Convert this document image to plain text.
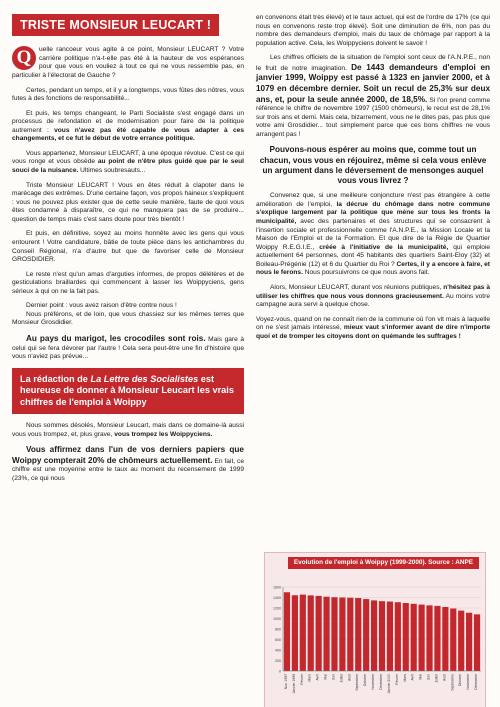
TRISTE MONSIEUR LEUCART !
Q	uelle rancoeur vous agite à ce point, Monsieur LEUCART ? Votre carrière politique n'a-t-elle pas été à la hauteur de vos espérances pour que vous en vouliez à tout ce qui ne vous ressemble pas, en particulier à l'électorat de Gauche ?

Certes, pendant un temps, et il y a longtemps, vous fûtes des nôtres, vous futes à des fonctions de responsabilité...

Et puis, les temps changeant, le Parti Socialiste s'est engagé dans un processus de refondation et de modernisation pour faire de la politique autrement : vous n'avez pas été capable de vous adapter à ces changements, et ce fut le début de votre errance politique.

Vous appartenez, Monsieur LEUCART, à une époque révolue. C'est ce qui vous ronge et vous obsède au point de n'être plus guidé que par le seul souci de la nuisance. Ultimes soubresauts...

Triste Monsieur LEUCART ! Vous en êtes réduit à clapoter dans le marécage des extrêmes. D'une certaine façon, vos propos haineux s'expliquent : vous ne pouvez plus exister que de cette seule manière, faute de quoi vous êtes condamné à disparaître, ce qui ne manquera pas de se produire... question de temps mais c'est sans doute pour très bientôt !

Et puis, en définitive, soyez au moins honnête avec les gens qui vous entourent ! Votre candidature, bâtie de toute pièce dans les antichambres du Conseil Régional, n'a d'autre but que de favoriser celle de Monsieur GROSDIDIER.

Le reste n'est qu'un amas d'arguties informes, de propos délétères et de gesticulations braillardes qui commencent à lasser les Woippyciens, gens sérieux à qui on ne la fait pas.

Dernier point : vous avez raison d'être contre nous !

Nous préférons, et de loin, que vous chassiez sur les mêmes terres que Monsieur Grosdidier.

Au pays du marigot, les crocodiles sont rois. Mais gare à celui qui se fera dévorer par l'autre ! Cela sera peut-être une fin d'histoire que vous n'aviez pas prévue...

La rédaction de La Lettre des Socialistes est heureuse de donner à Monsieur Leucart les vrais chiffres de l'emploi à Woippy

Nous sommes désolés, Monsieur Leucart, mais dans ce domaine-là aussi vous vous trompez, et, plus grave, vous trompez les Woippyciens.

Vous affirmez dans l'un de vos derniers papiers que Woippy compterait 20% de chômeurs actuellement. En fait, ce chiffre est une moyenne entre le taux au moment du recensement de 1999 (23%, ce qui nous

en convenons était très élevé) et le taux actuel, qui est de l'ordre de 17% (ce qui nous en convenons reste trop élevé). Soit une diminution de 6%, non pas du nombre des demandeurs d'emploi, mais du taux de chômage par rapport à la population active. Cela, les Woippyciens doivent le savoir !

Les chiffres officiels de la situation de l'emploi sont ceux de l'A.N.P.E., non le fruit de notre imagination. De 1443 demandeurs d'emploi en janvier 1999, Woippy est passé à 1323 en janvier 2000, et à 1079 en décembre dernier. Soit un recul de 25,3% sur deux ans, et, pour la seule année 2000, de 18,5%. Si l'on prend comme référence le chiffre de novembre 1997 (1500 chômeurs), le recul est de 28,1% sur trois ans et demi. Mais cela, bizarrement, vous ne le dites pas, pas plus que votre ami Grosdidier... tout simplement parce que ces bons chiffres ne vous arrangent pas !

Pouvons-nous espérer au moins que, comme tout un chacun, vous vous en réjouirez, même si cela vous enlève un argument dans le déversement de mensonges auquel vous vous livrez ?

Convenez que, si une meilleure conjoncture n'est pas étrangère à cette amélioration de l'emploi, la décrue du chômage dans notre commune s'explique largement par la politique que mène sur tous les fronts la municipalité, avec des partenaires et des structures qui se consacrent à l'insertion sociale et professionnelle comme l'A.N.P.E., la Mission Locale et la Maison de l'Emploi et de la Formation. Et que dire de la Régie de Quartier Woippy R.E.G.I.E., créée à l'initiative de la municipalité, qui emploie actuellement 64 personnes, dont 45 habitants des quartiers Saint-Eloy (32) et Boileau-Prégénie (12) et 6 du Quartier du Roi ? Certes, il y a encore à faire, et nous le ferons. Nous poursuivrons ce que nous avons fait.

Alors, Monsieur LEUCART, durant vos réunions publiques, n'hésitez pas à utiliser les chiffres que nous vous donnons gracieusement. Au moins votre campagne aura servi à quelque chose.

Voyez-vous, quand on ne connaît rien de la commune où l'on vit mais à laquelle on ne s'est jamais intéressé, mieux vaut s'informer avant de dire n'importe quoi et de tromper les citoyens dont on quémande les suffrages !

0
200
400
600
800
1000
1200
1400
1600
Nov. 1997 Janvier 1999 Février Mars Avril Mai Juin Juillet Août Septembre Octobre Novembre Décembre Janvier 2000 Février Mars Avril Mai Juin Juillet Août Septembre Octobre Novembre Décembre
Evolution de l'emploi à Woippy (1999-2000). Source : ANPE
